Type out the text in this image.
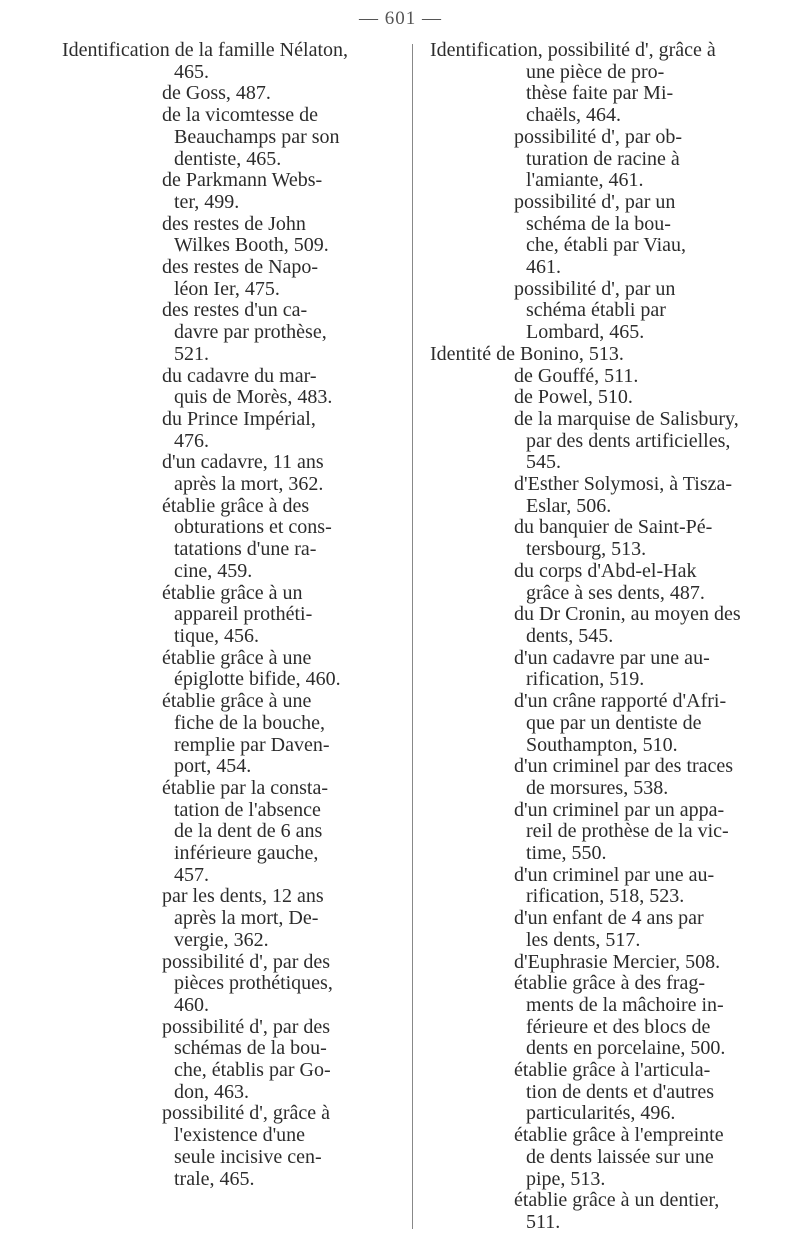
— 601 —
Identification de la famille Nélaton,
465.
de Goss, 487.
de la vicomtesse de
Beauchamps par son
dentiste, 465.
de Parkmann Webs-
ter, 499.
des restes de John
Wilkes Booth, 509.
des restes de Napo-
léon Ier, 475.
des restes d'un ca-
davre par prothèse,
521.
du cadavre du mar-
quis de Morès, 483.
du Prince Impérial,
476.
d'un cadavre, 11 ans
après la mort, 362.
établie grâce à des
obturations et cons-
tatations d'une ra-
cine, 459.
établie grâce à un
appareil prothéti-
tique, 456.
établie grâce à une
épiglotte bifide, 460.
établie grâce à une
fiche de la bouche,
remplie par Daven-
port, 454.
établie par la consta-
tation de l'absence
de la dent de 6 ans
inférieure gauche,
457.
par les dents, 12 ans
après la mort, De-
vergie, 362.
possibilité d', par des
pièces prothétiques,
460.
possibilité d', par des
schémas de la bou-
che, établis par Go-
don, 463.
possibilité d', grâce à
l'existence d'une
seule incisive cen-
trale, 465.
Identification, possibilité d', grâce à
une pièce de pro-
thèse faite par Mi-
chaëls, 464.
possibilité d', par ob-
turation de racine à
l'amiante, 461.
possibilité d', par un
schéma de la bou-
che, établi par Viau,
461.
possibilité d', par un
schéma établi par
Lombard, 465.
Identité de Bonino, 513.
de Gouffé, 511.
de Powel, 510.
de la marquise de Salisbury,
par des dents artificielles,
545.
d'Esther Solymosi, à Tisza-
Eslar, 506.
du banquier de Saint-Pé-
tersbourg, 513.
du corps d'Abd-el-Hak
grâce à ses dents, 487.
du Dr Cronin, au moyen des
dents, 545.
d'un cadavre par une au-
rification, 519.
d'un crâne rapporté d'Afri-
que par un dentiste de
Southampton, 510.
d'un criminel par des traces
de morsures, 538.
d'un criminel par un appa-
reil de prothèse de la vic-
time, 550.
d'un criminel par une au-
rification, 518, 523.
d'un enfant de 4 ans par
les dents, 517.
d'Euphrasie Mercier, 508.
établie grâce à des frag-
ments de la mâchoire in-
férieure et des blocs de
dents en porcelaine, 500.
établie grâce à l'articula-
tion de dents et d'autres
particularités, 496.
établie grâce à l'empreinte
de dents laissée sur une
pipe, 513.
établie grâce à un dentier,
511.
